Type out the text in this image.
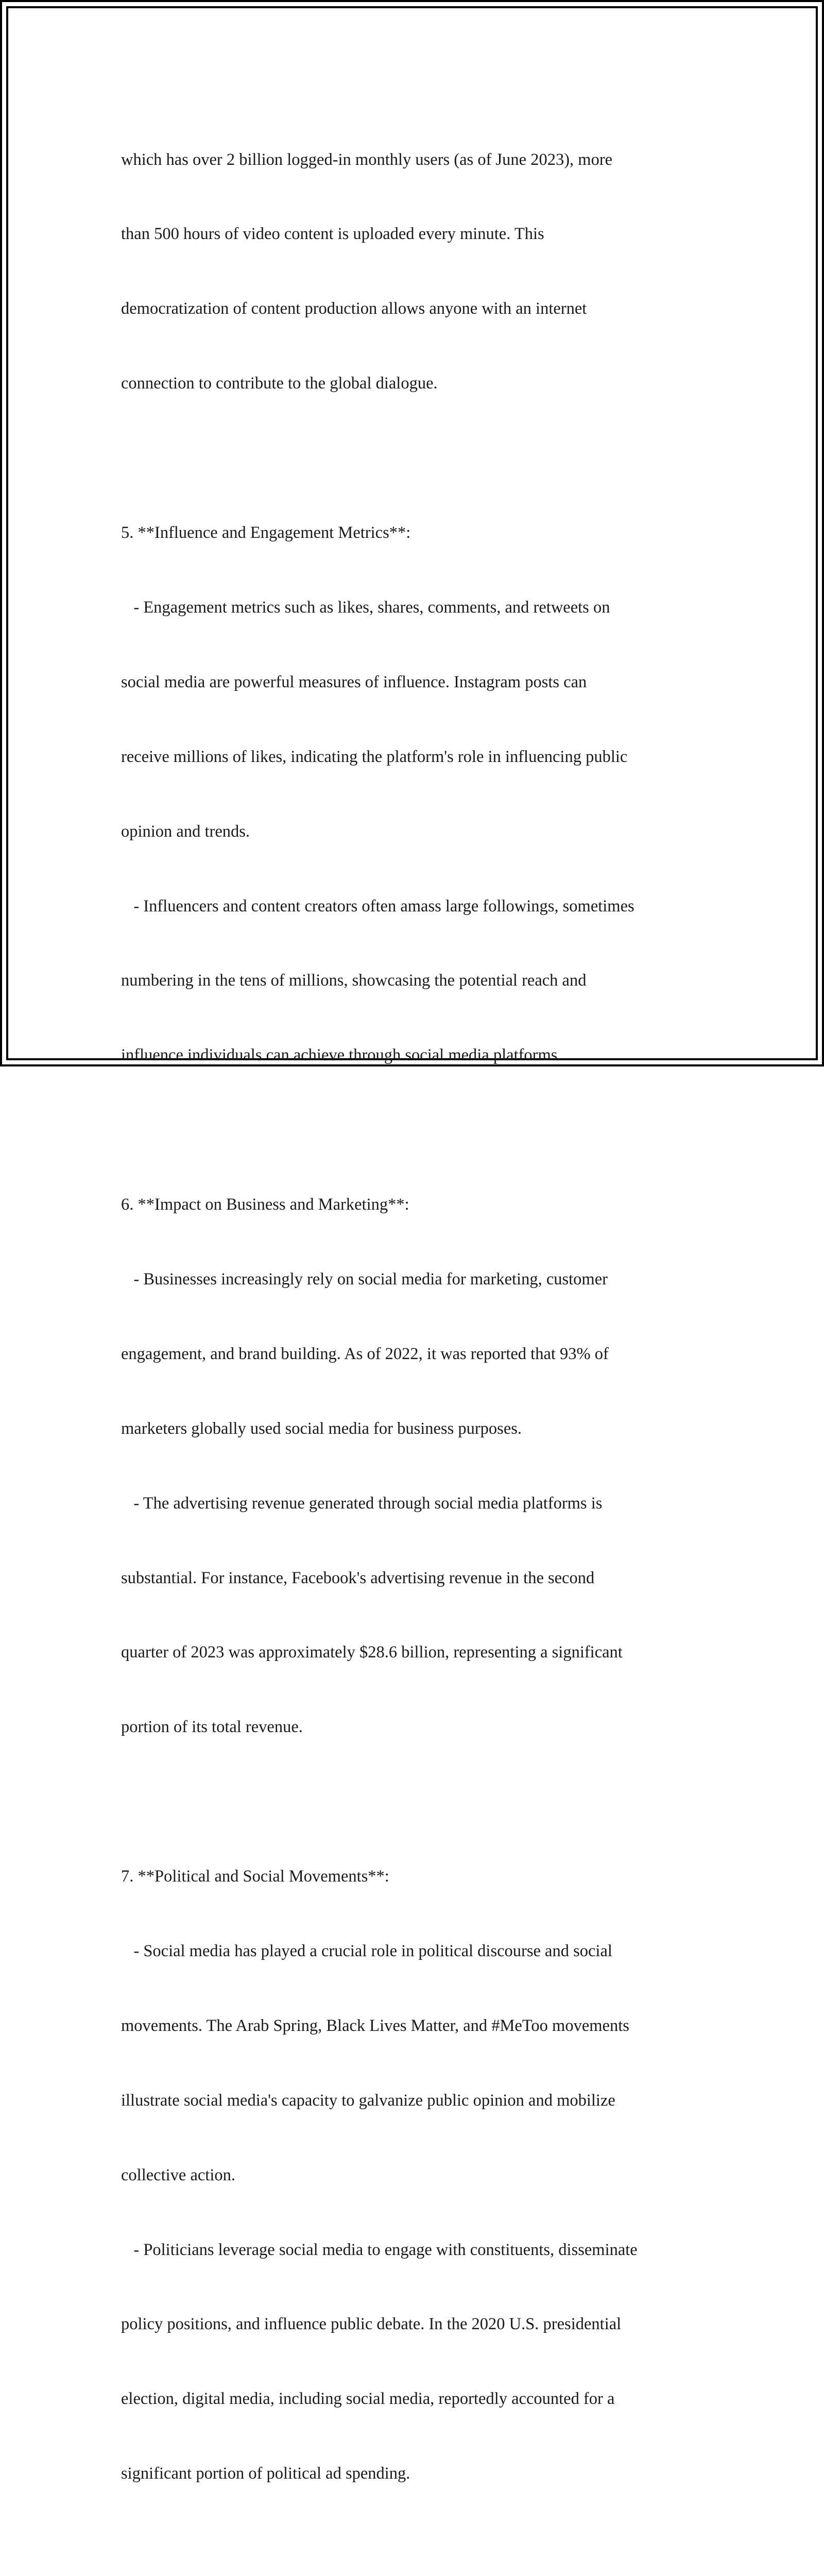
which has over 2 billion logged-in monthly users (as of June 2023), more

than 500 hours of video content is uploaded every minute. This

democratization of content production allows anyone with an internet

connection to contribute to the global dialogue.

5. **Influence and Engagement Metrics**:

- Engagement metrics such as likes, shares, comments, and retweets on

social media are powerful measures of influence. Instagram posts can

receive millions of likes, indicating the platform's role in influencing public

opinion and trends.

- Influencers and content creators often amass large followings, sometimes

numbering in the tens of millions, showcasing the potential reach and

influence individuals can achieve through social media platforms.

6. **Impact on Business and Marketing**:

- Businesses increasingly rely on social media for marketing, customer

engagement, and brand building. As of 2022, it was reported that 93% of

marketers globally used social media for business purposes.

- The advertising revenue generated through social media platforms is

substantial. For instance, Facebook's advertising revenue in the second

quarter of 2023 was approximately $28.6 billion, representing a significant

portion of its total revenue.

7. **Political and Social Movements**:

- Social media has played a crucial role in political discourse and social

movements. The Arab Spring, Black Lives Matter, and #MeToo movements

illustrate social media's capacity to galvanize public opinion and mobilize

collective action.

- Politicians leverage social media to engage with constituents, disseminate

policy positions, and influence public debate. In the 2020 U.S. presidential

election, digital media, including social media, reportedly accounted for a

significant portion of political ad spending.
